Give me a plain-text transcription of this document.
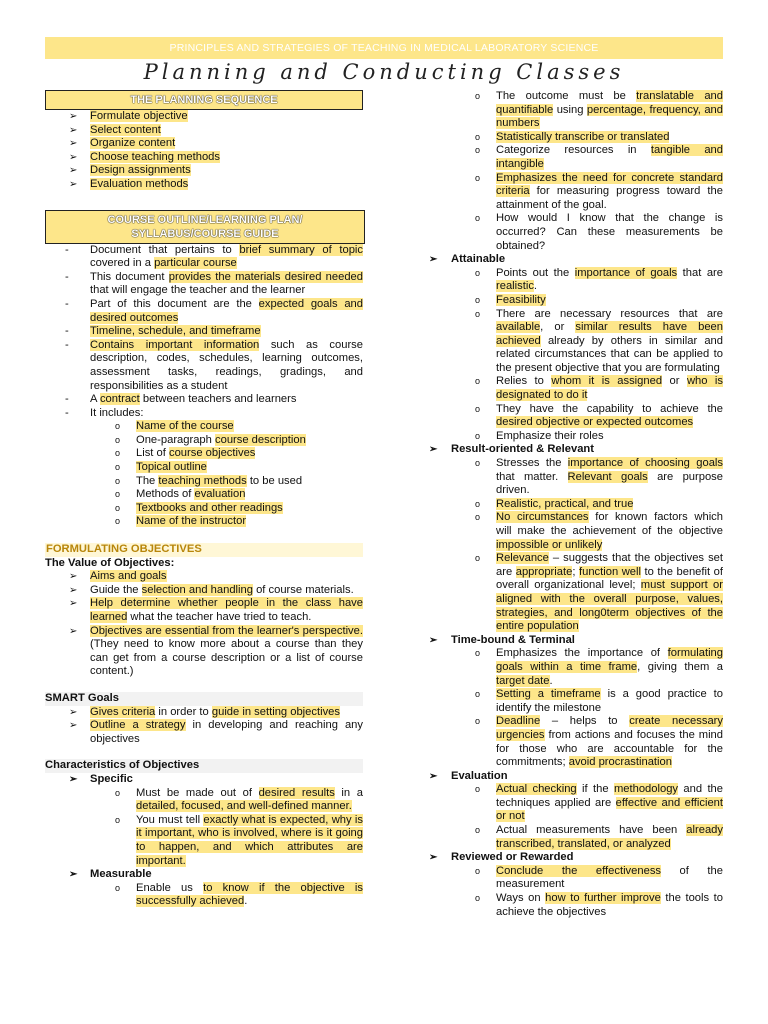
PRINCIPLES AND STRATEGIES OF TEACHING IN MEDICAL LABORATORY SCIENCE
Planning and Conducting Classes
THE PLANNING SEQUENCE
➢ Formulate objective
➢ Select content
➢ Organize content
➢ Choose teaching methods
➢ Design assignments
➢ Evaluation methods
COURSE OUTLINE/LEARNING PLAN/
SYLLABUS/COURSE GUIDE
- Document that pertains to brief summary of topic covered in a particular course
- This document provides the materials desired needed that will engage the teacher and the learner
- Part of this document are the expected goals and desired outcomes
- Timeline, schedule, and timeframe
- Contains important information such as course description, codes, schedules, learning outcomes, assessment tasks, readings, gradings, and responsibilities as a student
- A contract between teachers and learners
- It includes:
o Name of the course
o One-paragraph course description
o List of course objectives
o Topical outline
o The teaching methods to be used
o Methods of evaluation
o Textbooks and other readings
o Name of the instructor
FORMULATING OBJECTIVES
The Value of Objectives:
➢ Aims and goals
➢ Guide the selection and handling of course materials.
➢ Help determine whether people in the class have learned what the teacher have tried to teach.
➢ Objectives are essential from the learner's perspective. (They need to know more about a course than they can get from a course description or a list of course content.)
SMART Goals
➢ Gives criteria in order to guide in setting objectives
➢ Outline a strategy in developing and reaching any objectives
Characteristics of Objectives
➢ Specific
o Must be made out of desired results in a detailed, focused, and well-defined manner.
o You must tell exactly what is expected, why is it important, who is involved, where is it going to happen, and which attributes are important.
➢ Measurable
o Enable us to know if the objective is successfully achieved.
o The outcome must be translatable and quantifiable using percentage, frequency, and numbers
o Statistically transcribe or translated
o Categorize resources in tangible and intangible
o Emphasizes the need for concrete standard criteria for measuring progress toward the attainment of the goal.
o How would I know that the change is occurred? Can these measurements be obtained?
➢ Attainable
o Points out the importance of goals that are realistic.
o Feasibility
o There are necessary resources that are available, or similar results have been achieved already by others in similar and related circumstances that can be applied to the present objective that you are formulating
o Relies to whom it is assigned or who is designated to do it
o They have the capability to achieve the desired objective or expected outcomes
o Emphasize their roles
➢ Result-oriented & Relevant
o Stresses the importance of choosing goals that matter. Relevant goals are purpose driven.
o Realistic, practical, and true
o No circumstances for known factors which will make the achievement of the objective impossible or unlikely
o Relevance – suggests that the objectives set are appropriate; function well to the benefit of overall organizational level; must support or aligned with the overall purpose, values, strategies, and long0term objectives of the entire population
➢ Time-bound & Terminal
o Emphasizes the importance of formulating goals within a time frame, giving them a target date.
o Setting a timeframe is a good practice to identify the milestone
o Deadline – helps to create necessary urgencies from actions and focuses the mind for those who are accountable for the commitments; avoid procrastination
➢ Evaluation
o Actual checking if the methodology and the techniques applied are effective and efficient or not
o Actual measurements have been already transcribed, translated, or analyzed
➢ Reviewed or Rewarded
o Conclude the effectiveness of the measurement
o Ways on how to further improve the tools to achieve the objectives
